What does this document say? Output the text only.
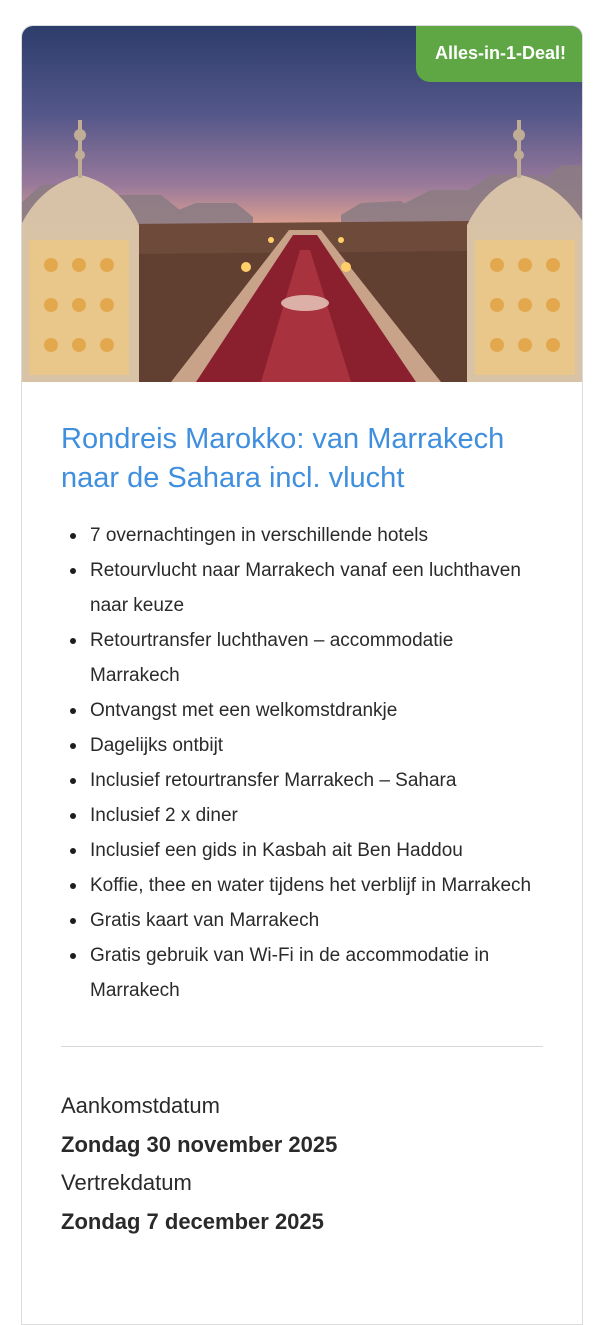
Alles-in-1-Deal!
Rondreis Marokko: van Marrakech naar de Sahara incl. vlucht
7 overnachtingen in verschillende hotels
Retourvlucht naar Marrakech vanaf een luchthaven naar keuze
Retourtransfer luchthaven – accommodatie Marrakech
Ontvangst met een welkomstdrankje
Dagelijks ontbijt
Inclusief retourtransfer Marrakech – Sahara
Inclusief 2 x diner
Inclusief een gids in Kasbah ait Ben Haddou
Koffie, thee en water tijdens het verblijf in Marrakech
Gratis kaart van Marrakech
Gratis gebruik van Wi-Fi in de accommodatie in Marrakech
Aankomstdatum
Zondag 30 november 2025
Vertrekdatum
Zondag 7 december 2025
